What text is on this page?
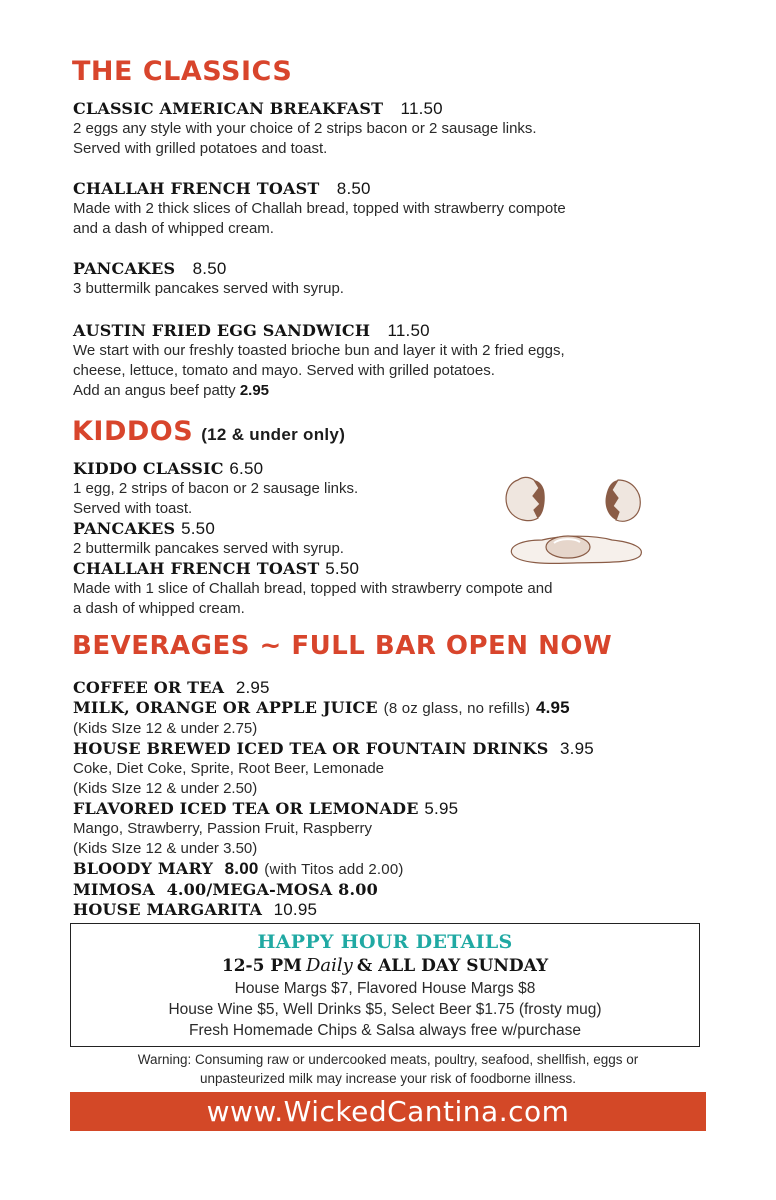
THE CLASSICS
CLASSIC AMERICAN BREAKFAST 11.50
2 eggs any style with your choice of 2 strips bacon or 2 sausage links.
Served with grilled potatoes and toast.
CHALLAH FRENCH TOAST 8.50
Made with 2 thick slices of Challah bread, topped with strawberry compote
and a dash of whipped cream.
PANCAKES 8.50
3 buttermilk pancakes served with syrup.
AUSTIN FRIED EGG SANDWICH 11.50
We start with our freshly toasted brioche bun and layer it with 2 fried eggs,
cheese, lettuce, tomato and mayo. Served with grilled potatoes.
Add an angus beef patty 2.95
KIDDOS (12 & under only)
KIDDO CLASSIC 6.50
1 egg, 2 strips of bacon or 2 sausage links.
Served with toast.
PANCAKES 5.50
2 buttermilk pancakes served with syrup.
CHALLAH FRENCH TOAST 5.50
Made with 1 slice of Challah bread, topped with strawberry compote and
a dash of whipped cream.
BEVERAGES ~ FULL BAR OPEN NOW
COFFEE OR TEA 2.95
MILK, ORANGE OR APPLE JUICE (8 oz glass, no refills) 4.95
(Kids SIze 12 & under 2.75)
HOUSE BREWED ICED TEA OR FOUNTAIN DRINKS 3.95
Coke, Diet Coke, Sprite, Root Beer, Lemonade
(Kids SIze 12 & under 2.50)
FLAVORED ICED TEA OR LEMONADE 5.95
Mango, Strawberry, Passion Fruit, Raspberry
(Kids SIze 12 & under 3.50)
BLOODY MARY 8.00 (with Titos add 2.00)
MIMOSA 4.00/MEGA-MOSA 8.00
HOUSE MARGARITA 10.95
HAPPY HOUR DETAILS
12-5 PM Daily & ALL DAY SUNDAY
House Margs $7, Flavored House Margs $8
House Wine $5, Well Drinks $5, Select Beer $1.75 (frosty mug)
Fresh Homemade Chips & Salsa always free w/purchase
Warning: Consuming raw or undercooked meats, poultry, seafood, shellfish, eggs or
unpasteurized milk may increase your risk of foodborne illness.
www.WickedCantina.com
